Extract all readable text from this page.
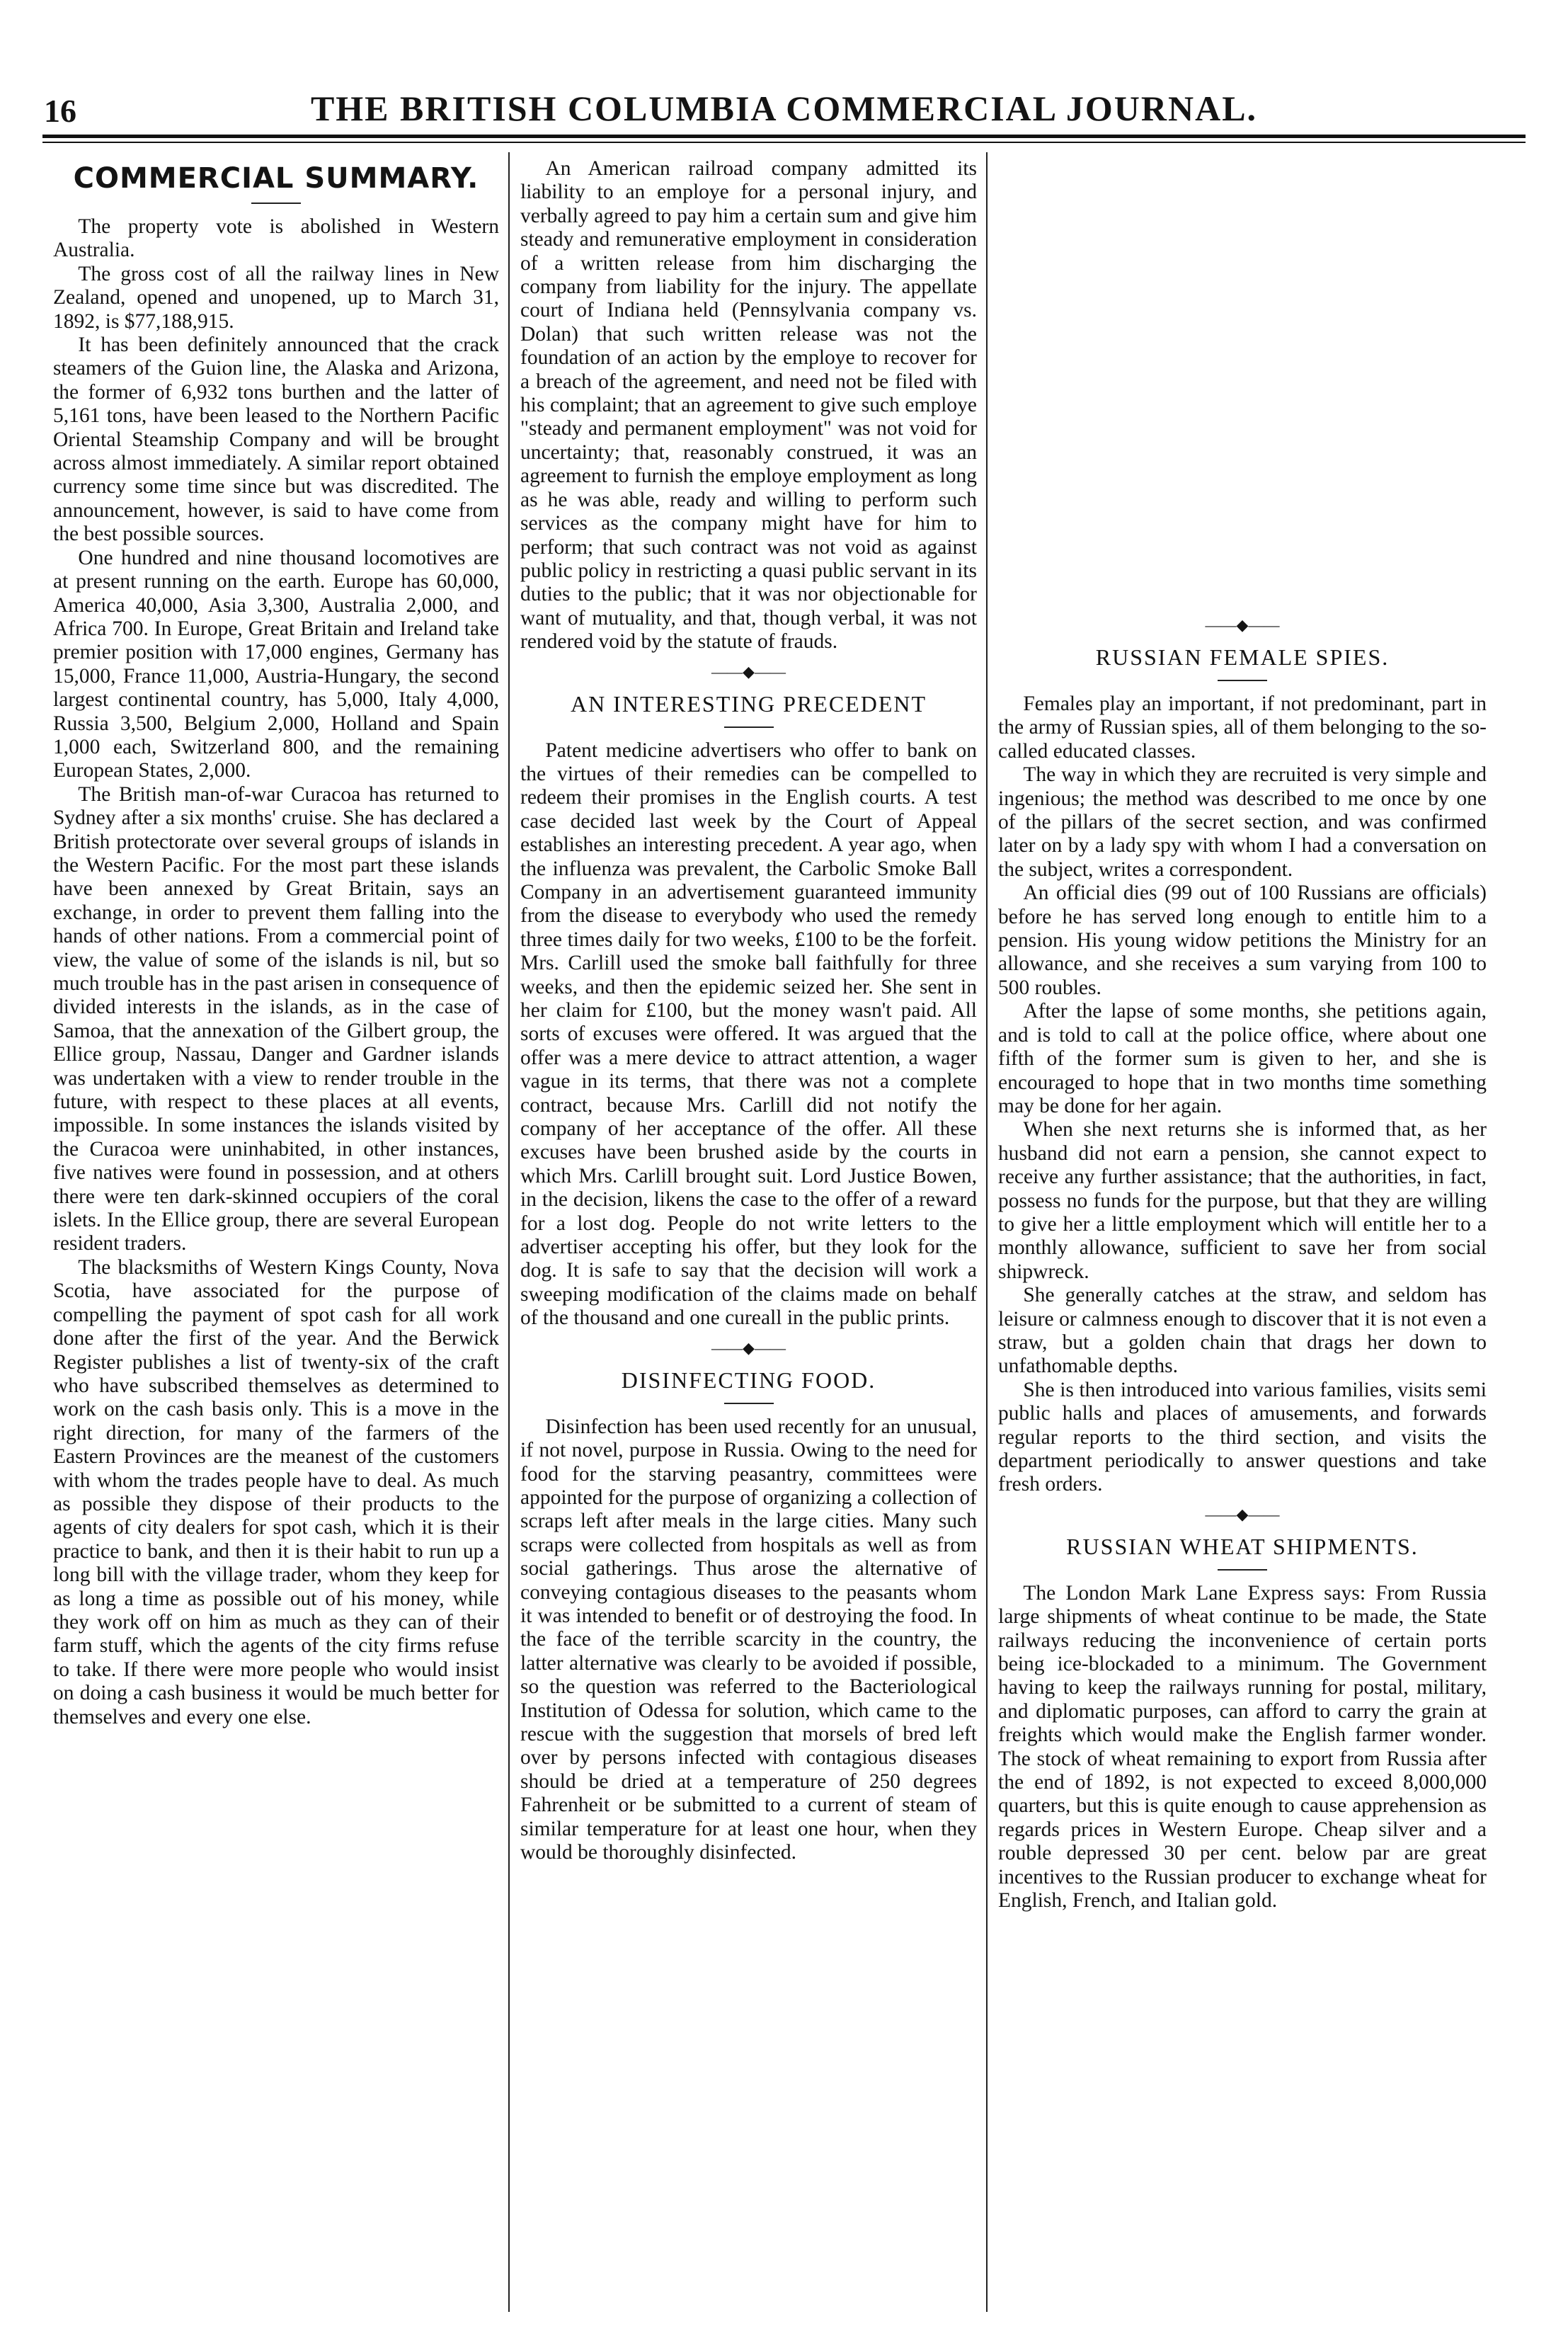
16	THE BRITISH COLUMBIA COMMERCIAL JOURNAL.
COMMERCIAL SUMMARY.

The property vote is abolished in Western Australia.

The gross cost of all the railway lines in New Zealand, opened and unopened, up to March 31, 1892, is $77,188,915.

It has been definitely announced that the crack steamers of the Guion line, the Alaska and Arizona, the former of 6,932 tons burthen and the latter of 5,161 tons, have been leased to the Northern Pacific Oriental Steamship Company and will be brought across almost immediately. A similar report obtained currency some time since but was discredited. The announcement, however, is said to have come from the best possible sources.

One hundred and nine thousand locomotives are at present running on the earth. Europe has 60,000, America 40,000, Asia 3,300, Australia 2,000, and Africa 700. In Europe, Great Britain and Ireland take premier position with 17,000 engines, Germany has 15,000, France 11,000, Austria-Hungary, the second largest continental country, has 5,000, Italy 4,000, Russia 3,500, Belgium 2,000, Holland and Spain 1,000 each, Switzerland 800, and the remaining European States, 2,000.

The British man-of-war Curacoa has returned to Sydney after a six months' cruise. She has declared a British protectorate over several groups of islands in the Western Pacific. For the most part these islands have been annexed by Great Britain, says an exchange, in order to prevent them falling into the hands of other nations. From a commercial point of view, the value of some of the islands is nil, but so much trouble has in the past arisen in consequence of divided interests in the islands, as in the case of Samoa, that the annexation of the Gilbert group, the Ellice group, Nassau, Danger and Gardner islands was undertaken with a view to render trouble in the future, with respect to these places at all events, impossible. In some instances the islands visited by the Curacoa were uninhabited, in other instances, five natives were found in possession, and at others there were ten dark-skinned occupiers of the coral islets. In the Ellice group, there are several European resident traders.

The blacksmiths of Western Kings County, Nova Scotia, have associated for the purpose of compelling the payment of spot cash for all work done after the first of the year. And the Berwick Register publishes a list of twenty-six of the craft who have subscribed themselves as determined to work on the cash basis only. This is a move in the right direction, for many of the farmers of the Eastern Provinces are the meanest of the customers with whom the trades people have to deal. As much as possible they dispose of their products to the agents of city dealers for spot cash, which it is their practice to bank, and then it is their habit to run up a long bill with the village trader, whom they keep for as long a time as possible out of his money, while they work off on him as much as they can of their farm stuff, which the agents of the city firms refuse to take. If there were more people who would insist on doing a cash business it would be much better for themselves and every one else.

An American railroad company admitted its liability to an employe for a personal injury, and verbally agreed to pay him a certain sum and give him steady and remunerative employment in consideration of a written release from him discharging the company from liability for the injury. The appellate court of Indiana held (Pennsylvania company vs. Dolan) that such written release was not the foundation of an action by the employe to recover for a breach of the agreement, and need not be filed with his complaint; that an agreement to give such employe "steady and permanent employment" was not void for uncertainty; that, reasonably construed, it was an agreement to furnish the employe employment as long as he was able, ready and willing to perform such services as the company might have for him to perform; that such contract was not void as against public policy in restricting a quasi public servant in its duties to the public; that it was nor objectionable for want of mutuality, and that, though verbal, it was not rendered void by the statute of frauds.

——◆——
AN INTERESTING PRECEDENT

Patent medicine advertisers who offer to bank on the virtues of their remedies can be compelled to redeem their promises in the English courts. A test case decided last week by the Court of Appeal establishes an interesting precedent. A year ago, when the influenza was prevalent, the Carbolic Smoke Ball Company in an advertisement guaranteed immunity from the disease to everybody who used the remedy three times daily for two weeks, £100 to be the forfeit. Mrs. Carlill used the smoke ball faithfully for three weeks, and then the epidemic seized her. She sent in her claim for £100, but the money wasn't paid. All sorts of excuses were offered. It was argued that the offer was a mere device to attract attention, a wager vague in its terms, that there was not a complete contract, because Mrs. Carlill did not notify the company of her acceptance of the offer. All these excuses have been brushed aside by the courts in which Mrs. Carlill brought suit. Lord Justice Bowen, in the decision, likens the case to the offer of a reward for a lost dog. People do not write letters to the advertiser accepting his offer, but they look for the dog. It is safe to say that the decision will work a sweeping modification of the claims made on behalf of the thousand and one cureall in the public prints.

——◆——
DISINFECTING FOOD.

Disinfection has been used recently for an unusual, if not novel, purpose in Russia. Owing to the need for food for the starving peasantry, committees were appointed for the purpose of organizing a collection of scraps left after meals in the large cities. Many such scraps were collected from hospitals as well as from social gatherings. Thus arose the alternative of conveying contagious diseases to the peasants whom it was intended to benefit or of destroying the food. In the face of the terrible scarcity in the country, the latter alternative was clearly to be avoided if possible, so the question was referred to the Bacteriological Institution of Odessa for solution, which came to the rescue with the suggestion that morsels of bred left over by persons infected with contagious diseases should be dried at a temperature of 250 degrees Fahrenheit or be submitted to a current of steam of similar temperature for at least one hour, when they would be thoroughly disinfected.

——◆——
RUSSIAN FEMALE SPIES.

Females play an important, if not predominant, part in the army of Russian spies, all of them belonging to the so-called educated classes.

The way in which they are recruited is very simple and ingenious; the method was described to me once by one of the pillars of the secret section, and was confirmed later on by a lady spy with whom I had a conversation on the subject, writes a correspondent.

An official dies (99 out of 100 Russians are officials) before he has served long enough to entitle him to a pension. His young widow petitions the Ministry for an allowance, and she receives a sum varying from 100 to 500 roubles.

After the lapse of some months, she petitions again, and is told to call at the police office, where about one fifth of the former sum is given to her, and she is encouraged to hope that in two months time something may be done for her again.

When she next returns she is informed that, as her husband did not earn a pension, she cannot expect to receive any further assistance; that the authorities, in fact, possess no funds for the purpose, but that they are willing to give her a little employment which will entitle her to a monthly allowance, sufficient to save her from social shipwreck.

She generally catches at the straw, and seldom has leisure or calmness enough to discover that it is not even a straw, but a golden chain that drags her down to unfathomable depths.

She is then introduced into various families, visits semi public halls and places of amusements, and forwards regular reports to the third section, and visits the department periodically to answer questions and take fresh orders.

——◆——
RUSSIAN WHEAT SHIPMENTS.

The London Mark Lane Express says: From Russia large shipments of wheat continue to be made, the State railways reducing the inconvenience of certain ports being ice-blockaded to a minimum. The Government having to keep the railways running for postal, military, and diplomatic purposes, can afford to carry the grain at freights which would make the English farmer wonder. The stock of wheat remaining to export from Russia after the end of 1892, is not expected to exceed 8,000,000 quarters, but this is quite enough to cause apprehension as regards prices in Western Europe. Cheap silver and a rouble depressed 30 per cent. below par are great incentives to the Russian producer to exchange wheat for English, French, and Italian gold.
